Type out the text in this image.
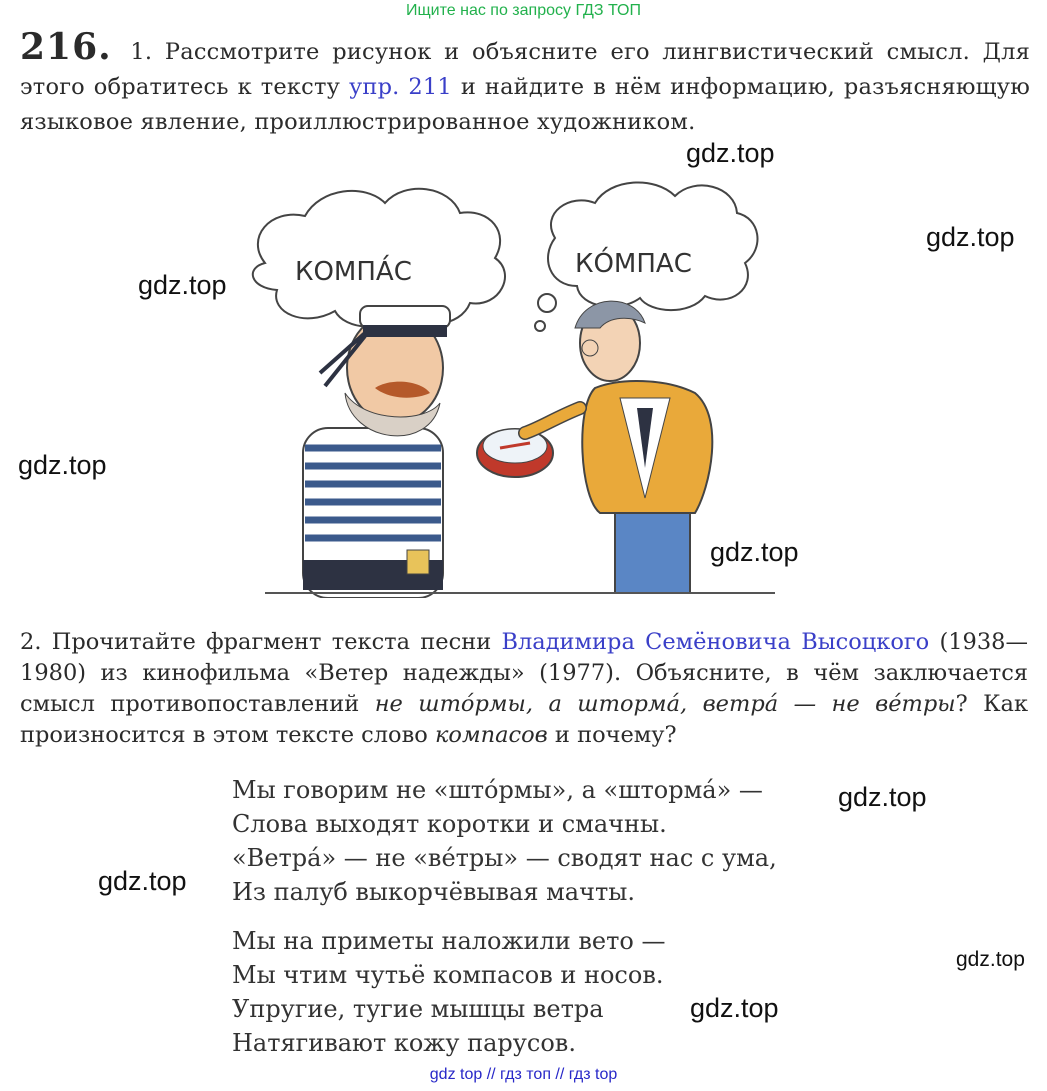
Ищите нас по запросу ГДЗ ТОП
216. 1. Рассмотрите рисунок и объясните его лингвистический смысл. Для этого обратитесь к тексту упр. 211 и найдите в нём информацию, разъясняющую языковое явление, проиллюстрированное художником.
КОМПА́С	КО́МПАС
2. Прочитайте фрагмент текста песни Владимира Семёновича Высоцкого (1938—1980) из кинофильма «Ветер надежды» (1977). Объясните, в чём заключается смысл противопоставлений не што́рмы, а шторма́, ветра́ — не ве́тры? Как произносится в этом тексте слово компасов и почему?
Мы говорим не «што́рмы», а «шторма́» —
Слова выходят коротки и смачны.
«Ветра́» — не «ве́тры» — сводят нас с ума,
Из палуб выкорчёвывая мачты.
Мы на приметы наложили вето —
Мы чтим чутьё компасов и носов.
Упругие, тугие мышцы ветра
Натягивают кожу парусов.
gdz.top
gdz.top
gdz.top
gdz.top
gdz.top
gdz.top
gdz.top
gdz.top
gdz.top
gdz top // гдз топ // гдз top
